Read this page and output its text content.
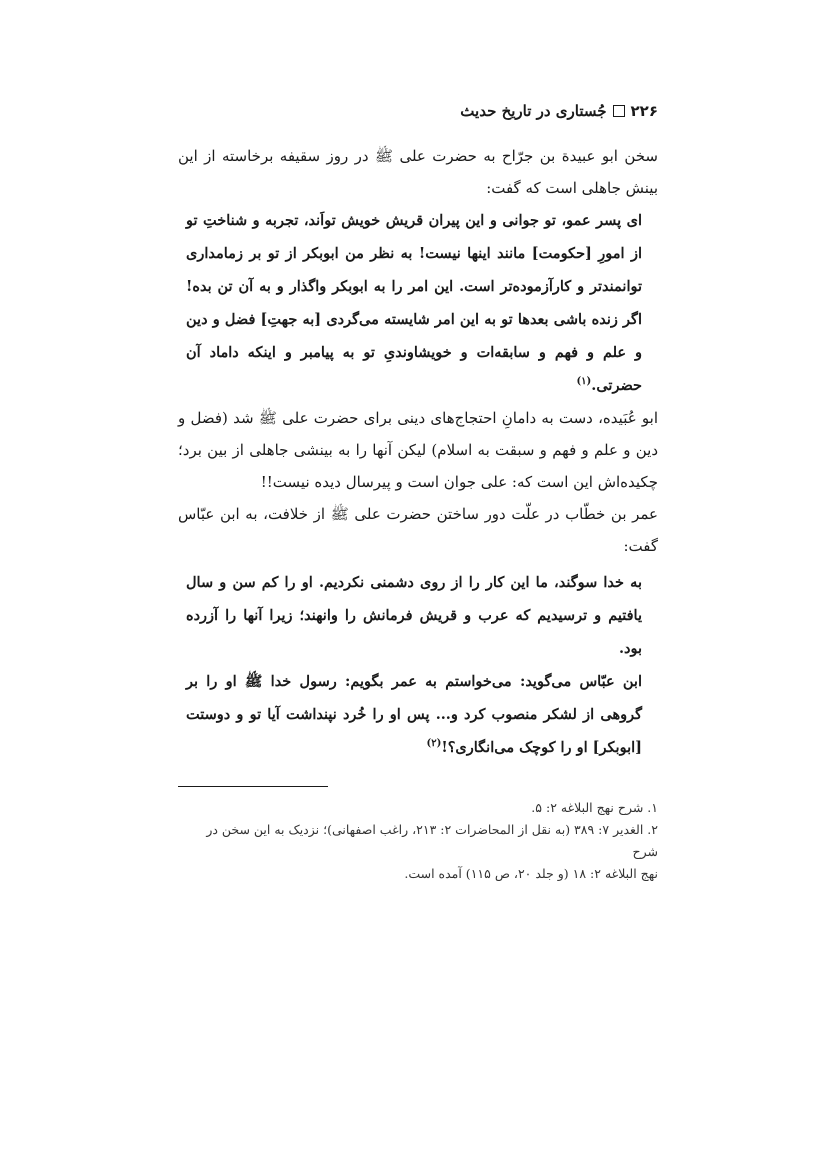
۲۲۶
جُستاری در تاریخ حدیث

سخن ابو عبیدة بن جرّاح به حضرت علی ﷺ در روز سقیفه برخاسته از این بینش جاهلی است که گفت:

ای پسر عمو، تو جوانی و این پیران قریش خویش تواَند، تجربه و شناختِ تو از امورِ [حکومت] مانند اینها نیست! به نظر من ابوبکر از تو بر زمامداری توانمندتر و کارآزموده‌تر است. این امر را به ابوبکر واگذار و به آن تن بده! اگر زنده باشی بعدها تو به این امر شایسته می‌گردی [به جهتِ] فضل و دین و علم و فهم و سابقه‌ات و خویشاوندیِ تو به پیامبر و اینکه داماد آن حضرتی.$^{(۱)}$

ابو عُبَیده، دست به دامانِ احتجاج‌های دینی برای حضرت علی ﷺ شد (فضل و دین و علم و فهم و سبقت به اسلام) لیکن آنها را به بینشی جاهلی از بین برد؛ چکیده‌اش این است که: علی جوان است و پیرسال دیده نیست!!

عمر بن خطّاب در علّت دور ساختن حضرت علی ﷺ از خلافت، به ابن عبّاس گفت:

به خدا سوگند، ما این کار را از روی دشمنی نکردیم. او را کم سن و سال یافتیم و ترسیدیم که عرب و قریش فرمانش را وانهند؛ زیرا آنها را آزرده بود.

ابن عبّاس می‌گوید: می‌خواستم به عمر بگویم: رسول خدا ﷺ او را بر گروهی از لشکر منصوب کرد و... پس او را خُرد نپنداشت آیا تو و دوستت [ابوبکر] او را کوچک می‌انگاری؟!$^{(۲)}$

۱. شرح نهج البلاغه ۲: ۵.
۲. الغدیر ۷: ۳۸۹ (به نقل از المحاضرات ۲: ۲۱۳، راغب اصفهانی)؛ نزدیک به این سخن در شرح
نهج البلاغه ۲: ۱۸ (و جلد ۲۰، ص ۱۱۵) آمده است.
